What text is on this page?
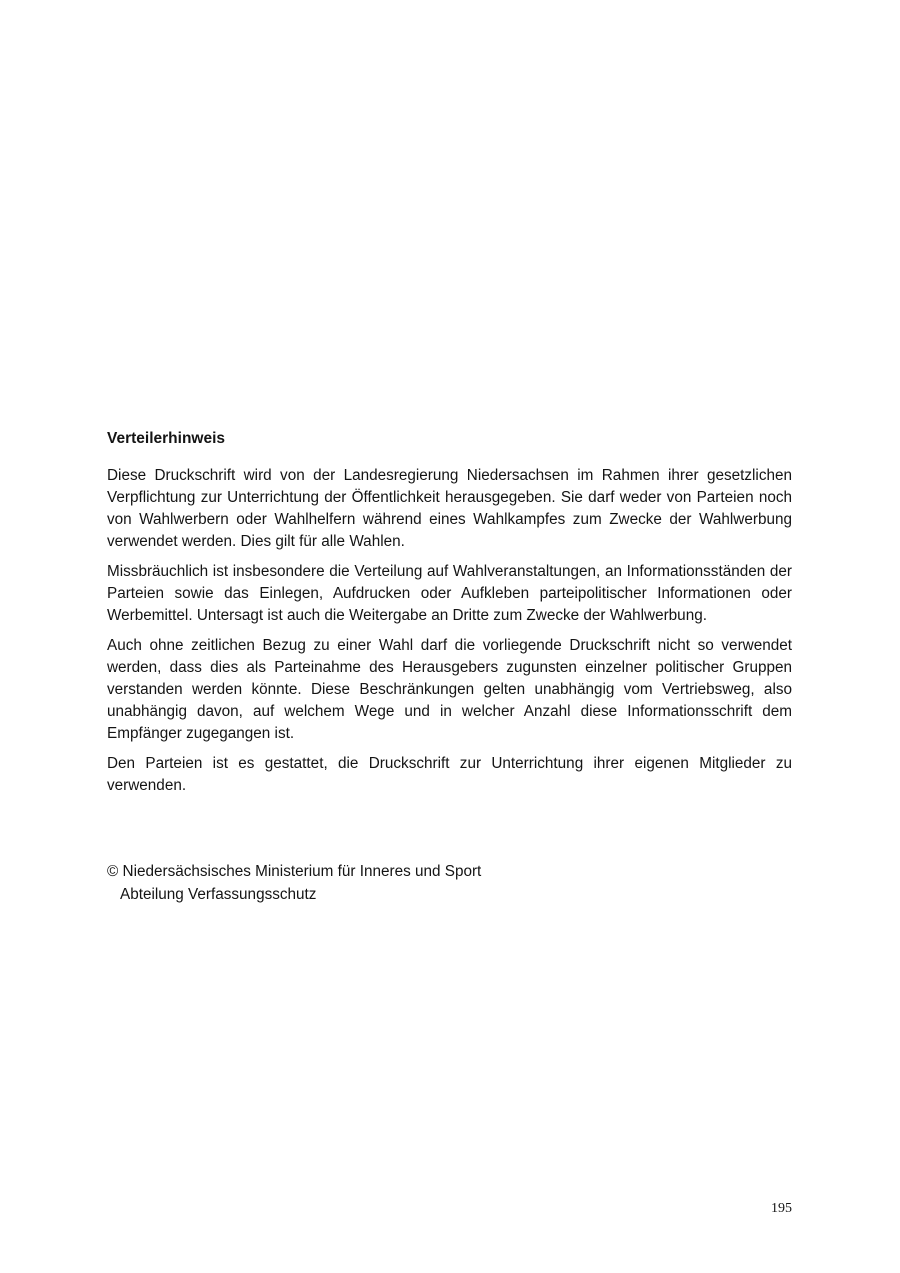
Verteilerhinweis

Diese Druckschrift wird von der Landesregierung Niedersachsen im Rahmen ihrer gesetzlichen Verpflichtung zur Unterrichtung der Öffentlichkeit herausgegeben. Sie darf weder von Parteien noch von Wahlwerbern oder Wahlhelfern während eines Wahlkampfes zum Zwecke der Wahlwerbung verwendet werden. Dies gilt für alle Wahlen.

Missbräuchlich ist insbesondere die Verteilung auf Wahlveranstaltungen, an Informationsständen der Parteien sowie das Einlegen, Aufdrucken oder Aufkleben parteipolitischer Informationen oder Werbemittel. Untersagt ist auch die Weitergabe an Dritte zum Zwecke der Wahlwerbung.

Auch ohne zeitlichen Bezug zu einer Wahl darf die vorliegende Druckschrift nicht so verwendet werden, dass dies als Parteinahme des Herausgebers zugunsten einzelner politischer Gruppen verstanden werden könnte. Diese Beschränkungen gelten unabhängig vom Vertriebsweg, also unabhängig davon, auf welchem Wege und in welcher Anzahl diese Informationsschrift dem Empfänger zugegangen ist.

Den Parteien ist es gestattet, die Druckschrift zur Unterrichtung ihrer eigenen Mitglieder zu verwenden.

© Niedersächsisches Ministerium für Inneres und Sport
Abteilung Verfassungsschutz
195
